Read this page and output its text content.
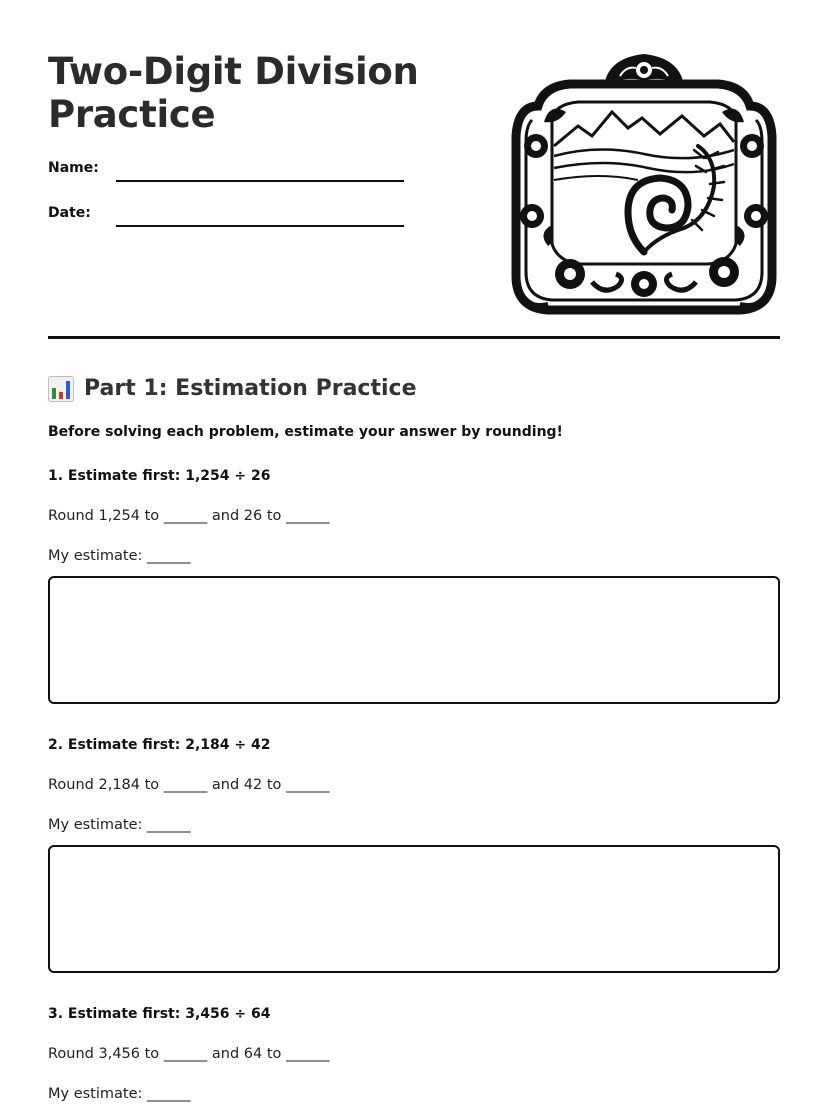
Two-Digit Division
Practice
Name:
Date:
Part 1: Estimation Practice

Before solving each problem, estimate your answer by rounding!

1. Estimate first: 1,254 ÷ 26

Round 1,254 to ______ and 26 to ______

My estimate: ______

2. Estimate first: 2,184 ÷ 42

Round 2,184 to ______ and 42 to ______

My estimate: ______

3. Estimate first: 3,456 ÷ 64

Round 3,456 to ______ and 64 to ______

My estimate: ______
